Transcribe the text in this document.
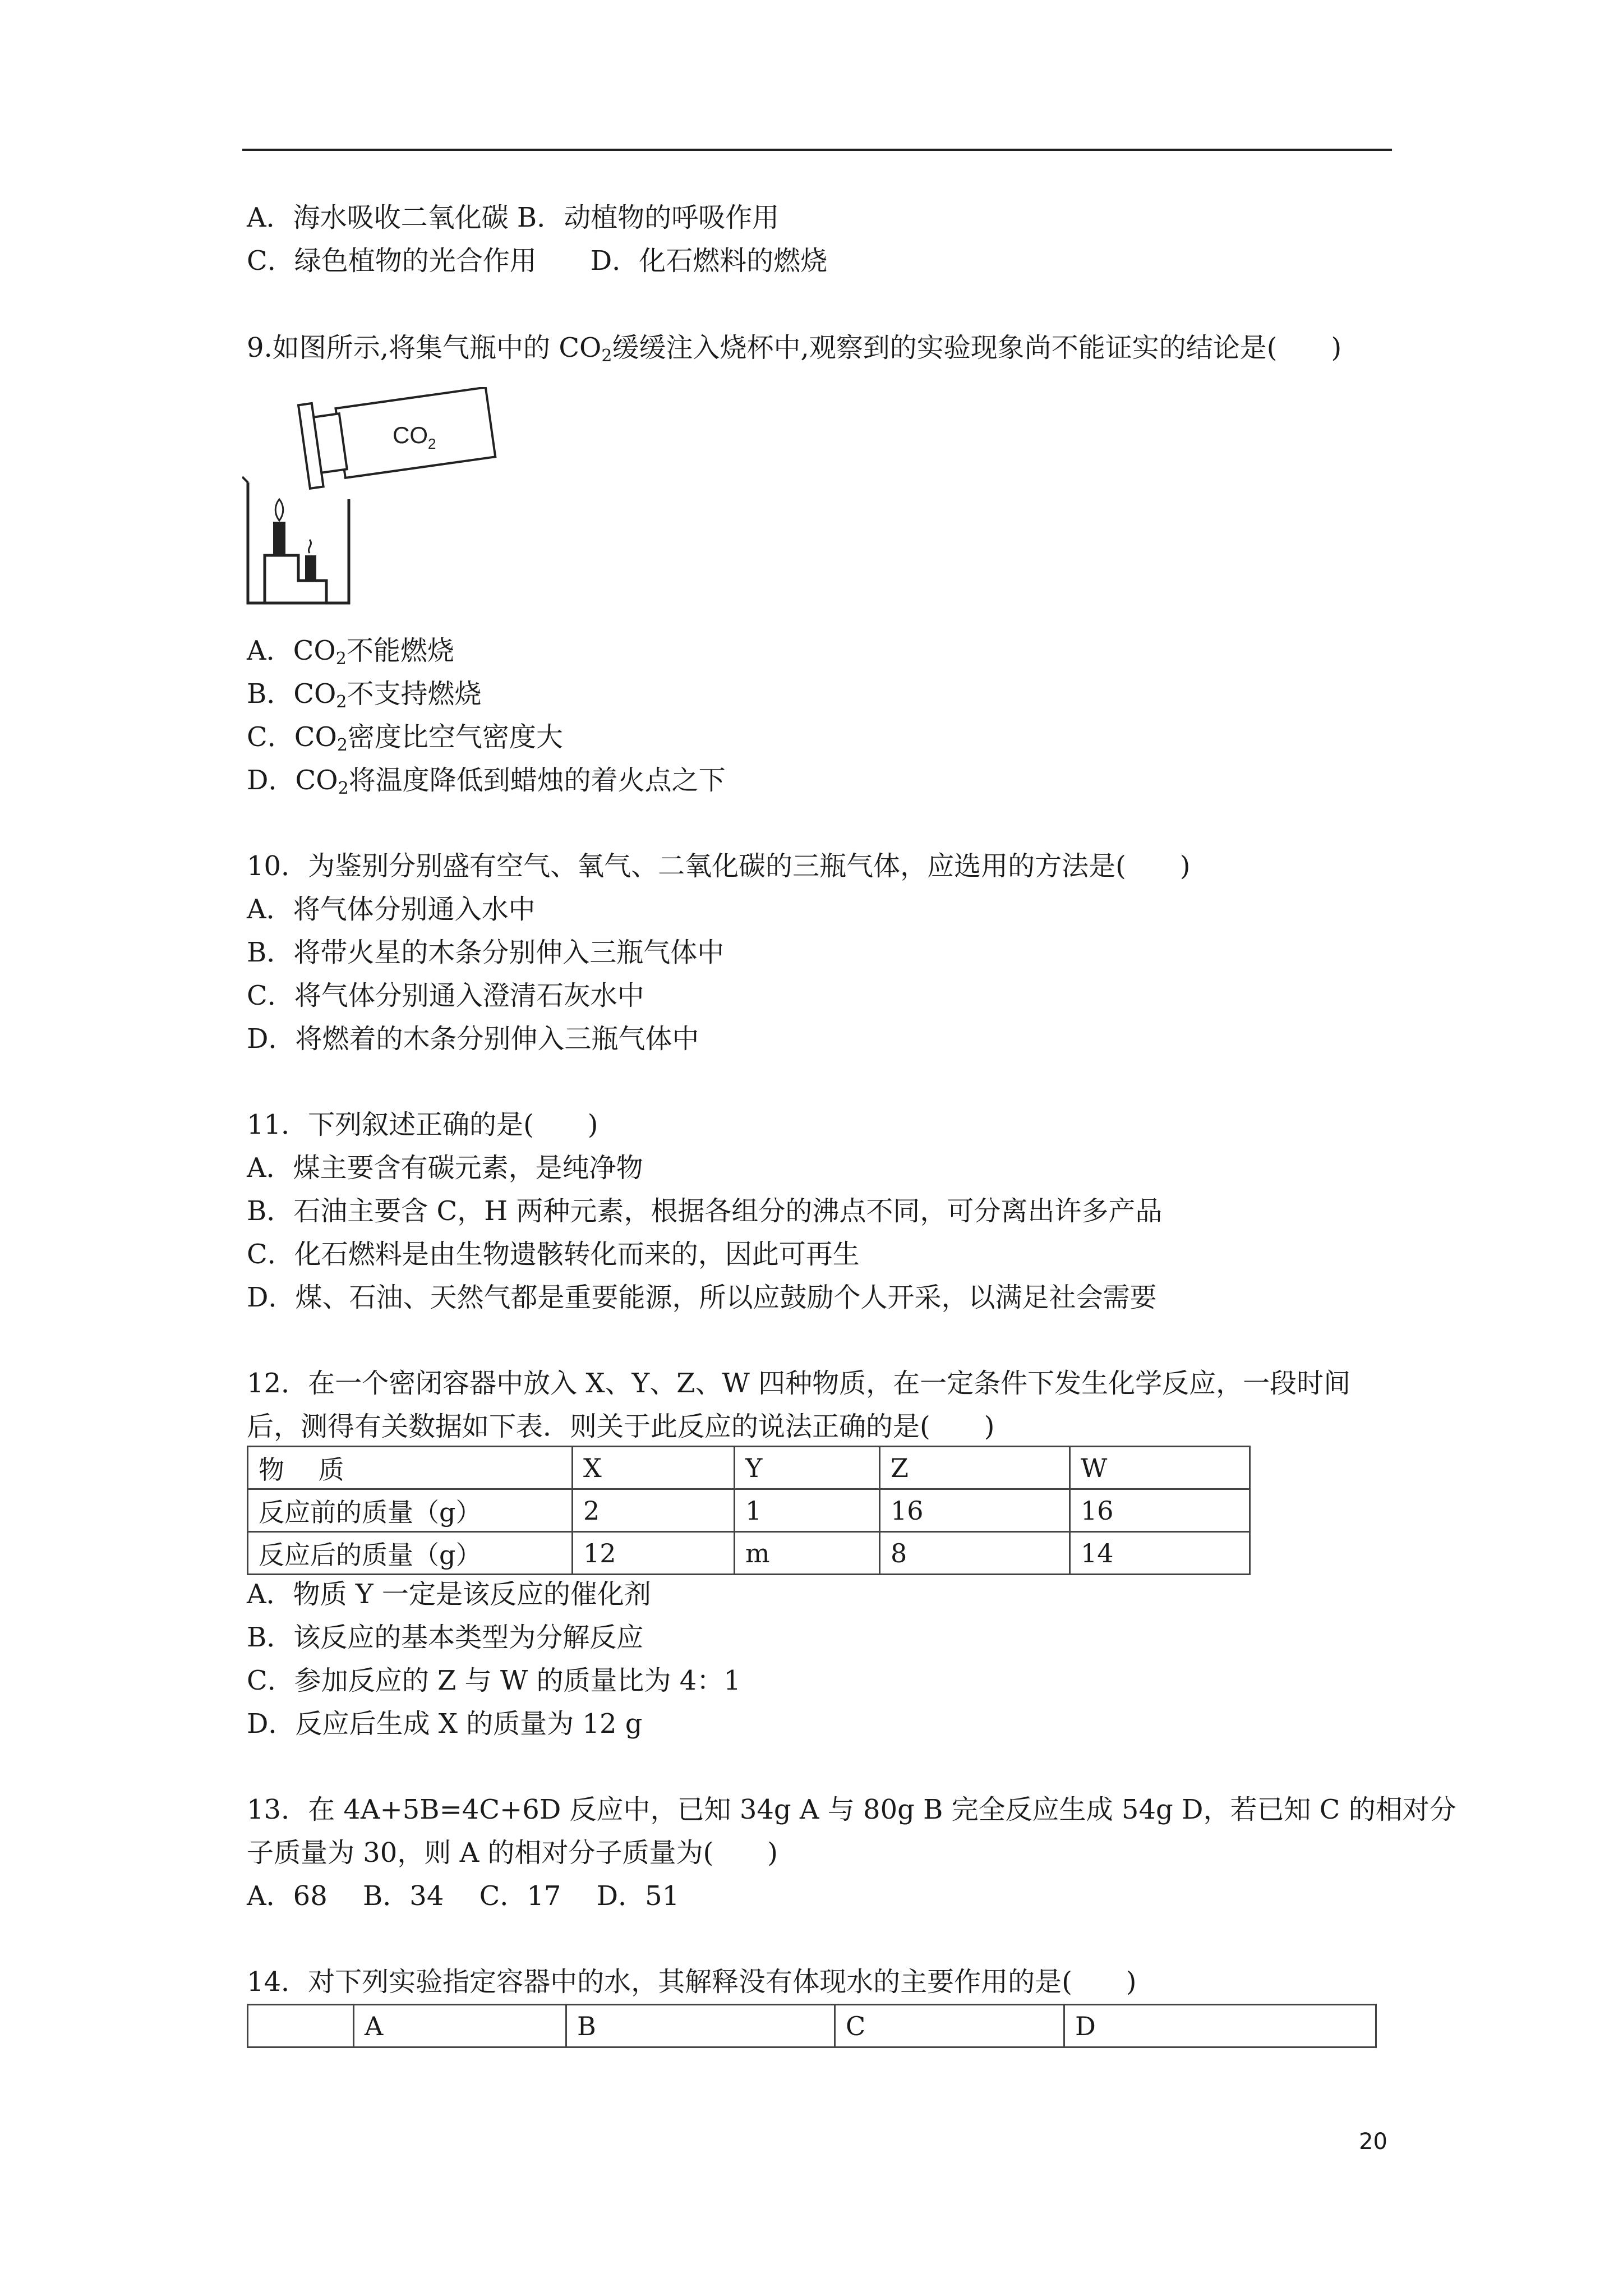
A．海水吸收二氧化碳 B．动植物的呼吸作用
C．绿色植物的光合作用　　D．化石燃料的燃烧
9.如图所示,将集气瓶中的 $CO_2$缓缓注入烧杯中,观察到的实验现象尚不能证实的结论是(　　)
$CO_2$
A．$CO_2$不能燃烧
B．$CO_2$不支持燃烧
C．$CO_2$密度比空气密度大
D．$CO_2$将温度降低到蜡烛的着火点之下
10．为鉴别分别盛有空气、氧气、二氧化碳的三瓶气体，应选用的方法是(　　)
A．将气体分别通入水中
B．将带火星的木条分别伸入三瓶气体中
C．将气体分别通入澄清石灰水中
D．将燃着的木条分别伸入三瓶气体中
11．下列叙述正确的是(　　)
A．煤主要含有碳元素，是纯净物
B．石油主要含 C，H 两种元素，根据各组分的沸点不同，可分离出许多产品
C．化石燃料是由生物遗骸转化而来的，因此可再生
D．煤、石油、天然气都是重要能源，所以应鼓励个人开采，以满足社会需要
12．在一个密闭容器中放入 X、Y、Z、W 四种物质，在一定条件下发生化学反应，一段时间
后，测得有关数据如下表．则关于此反应的说法正确的是(　　)
物　 质	X	Y	Z	W
反应前的质量（g）	2	1	16	16
反应后的质量（g）	12	m	8	14
A．物质 Y 一定是该反应的催化剂
B．该反应的基本类型为分解反应
C．参加反应的 Z 与 W 的质量比为 4：1
D．反应后生成 X 的质量为 12 g
13．在 4A+5B=4C+6D 反应中，已知 34g A 与 80g B 完全反应生成 54g D，若已知 C 的相对分
子质量为 30，则 A 的相对分子质量为(　　)
A．68　 B．34　 C．17　 D．51
14．对下列实验指定容器中的水，其解释没有体现水的主要作用的是(　　)
	A	B	C	D
20
